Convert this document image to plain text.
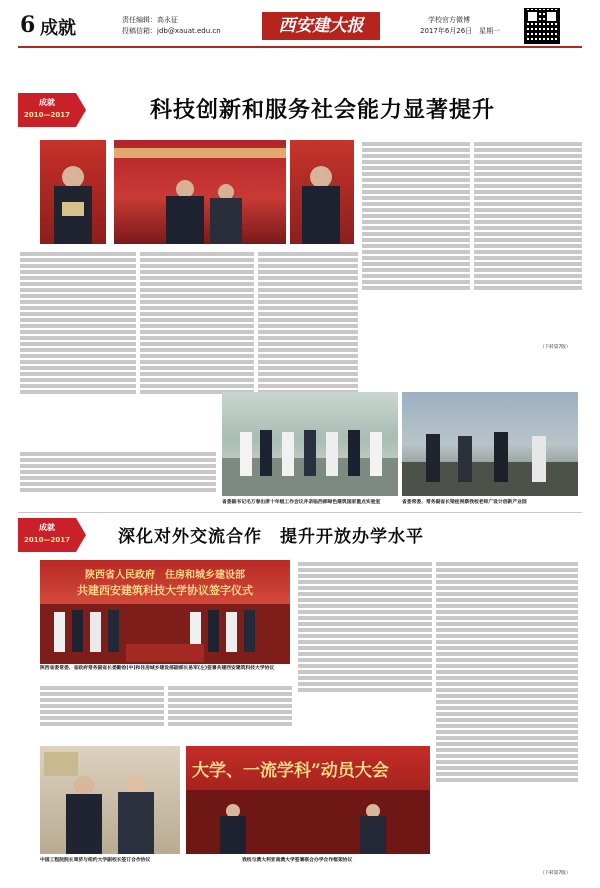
6 成就	责任编辑：高永征
投稿信箱：jdb@xauat.edu.cn	西安建大报	学校官方微博
2017年6月26日　星期一
成就
2010—2017	科技创新和服务社会能力显著提升
（下转第7版）
省委副书记毛万春出席十年级工作会议并亲临西部绿色建筑国家重点实验室	省委常委、常务副省长梁桂视察我校老师广设计创新产业园
成就
2010—2017	深化对外交流合作　提升开放办学水平
陕西省人民政府　住房和城乡建设部
共建西安建筑科技大学协议签字仪式
陕西省委常委、省政府常务副省长娄勤俭(中)和住房城乡建设部副部长易军(左)签署共建西安建筑科技大学协议
（下转第7版）
中国工程院院长周济与纽约大学副校长签订合作协议
大学、一流学科”动员大会
我校与澳大利亚南澳大学签署联合办学合作框架协议
